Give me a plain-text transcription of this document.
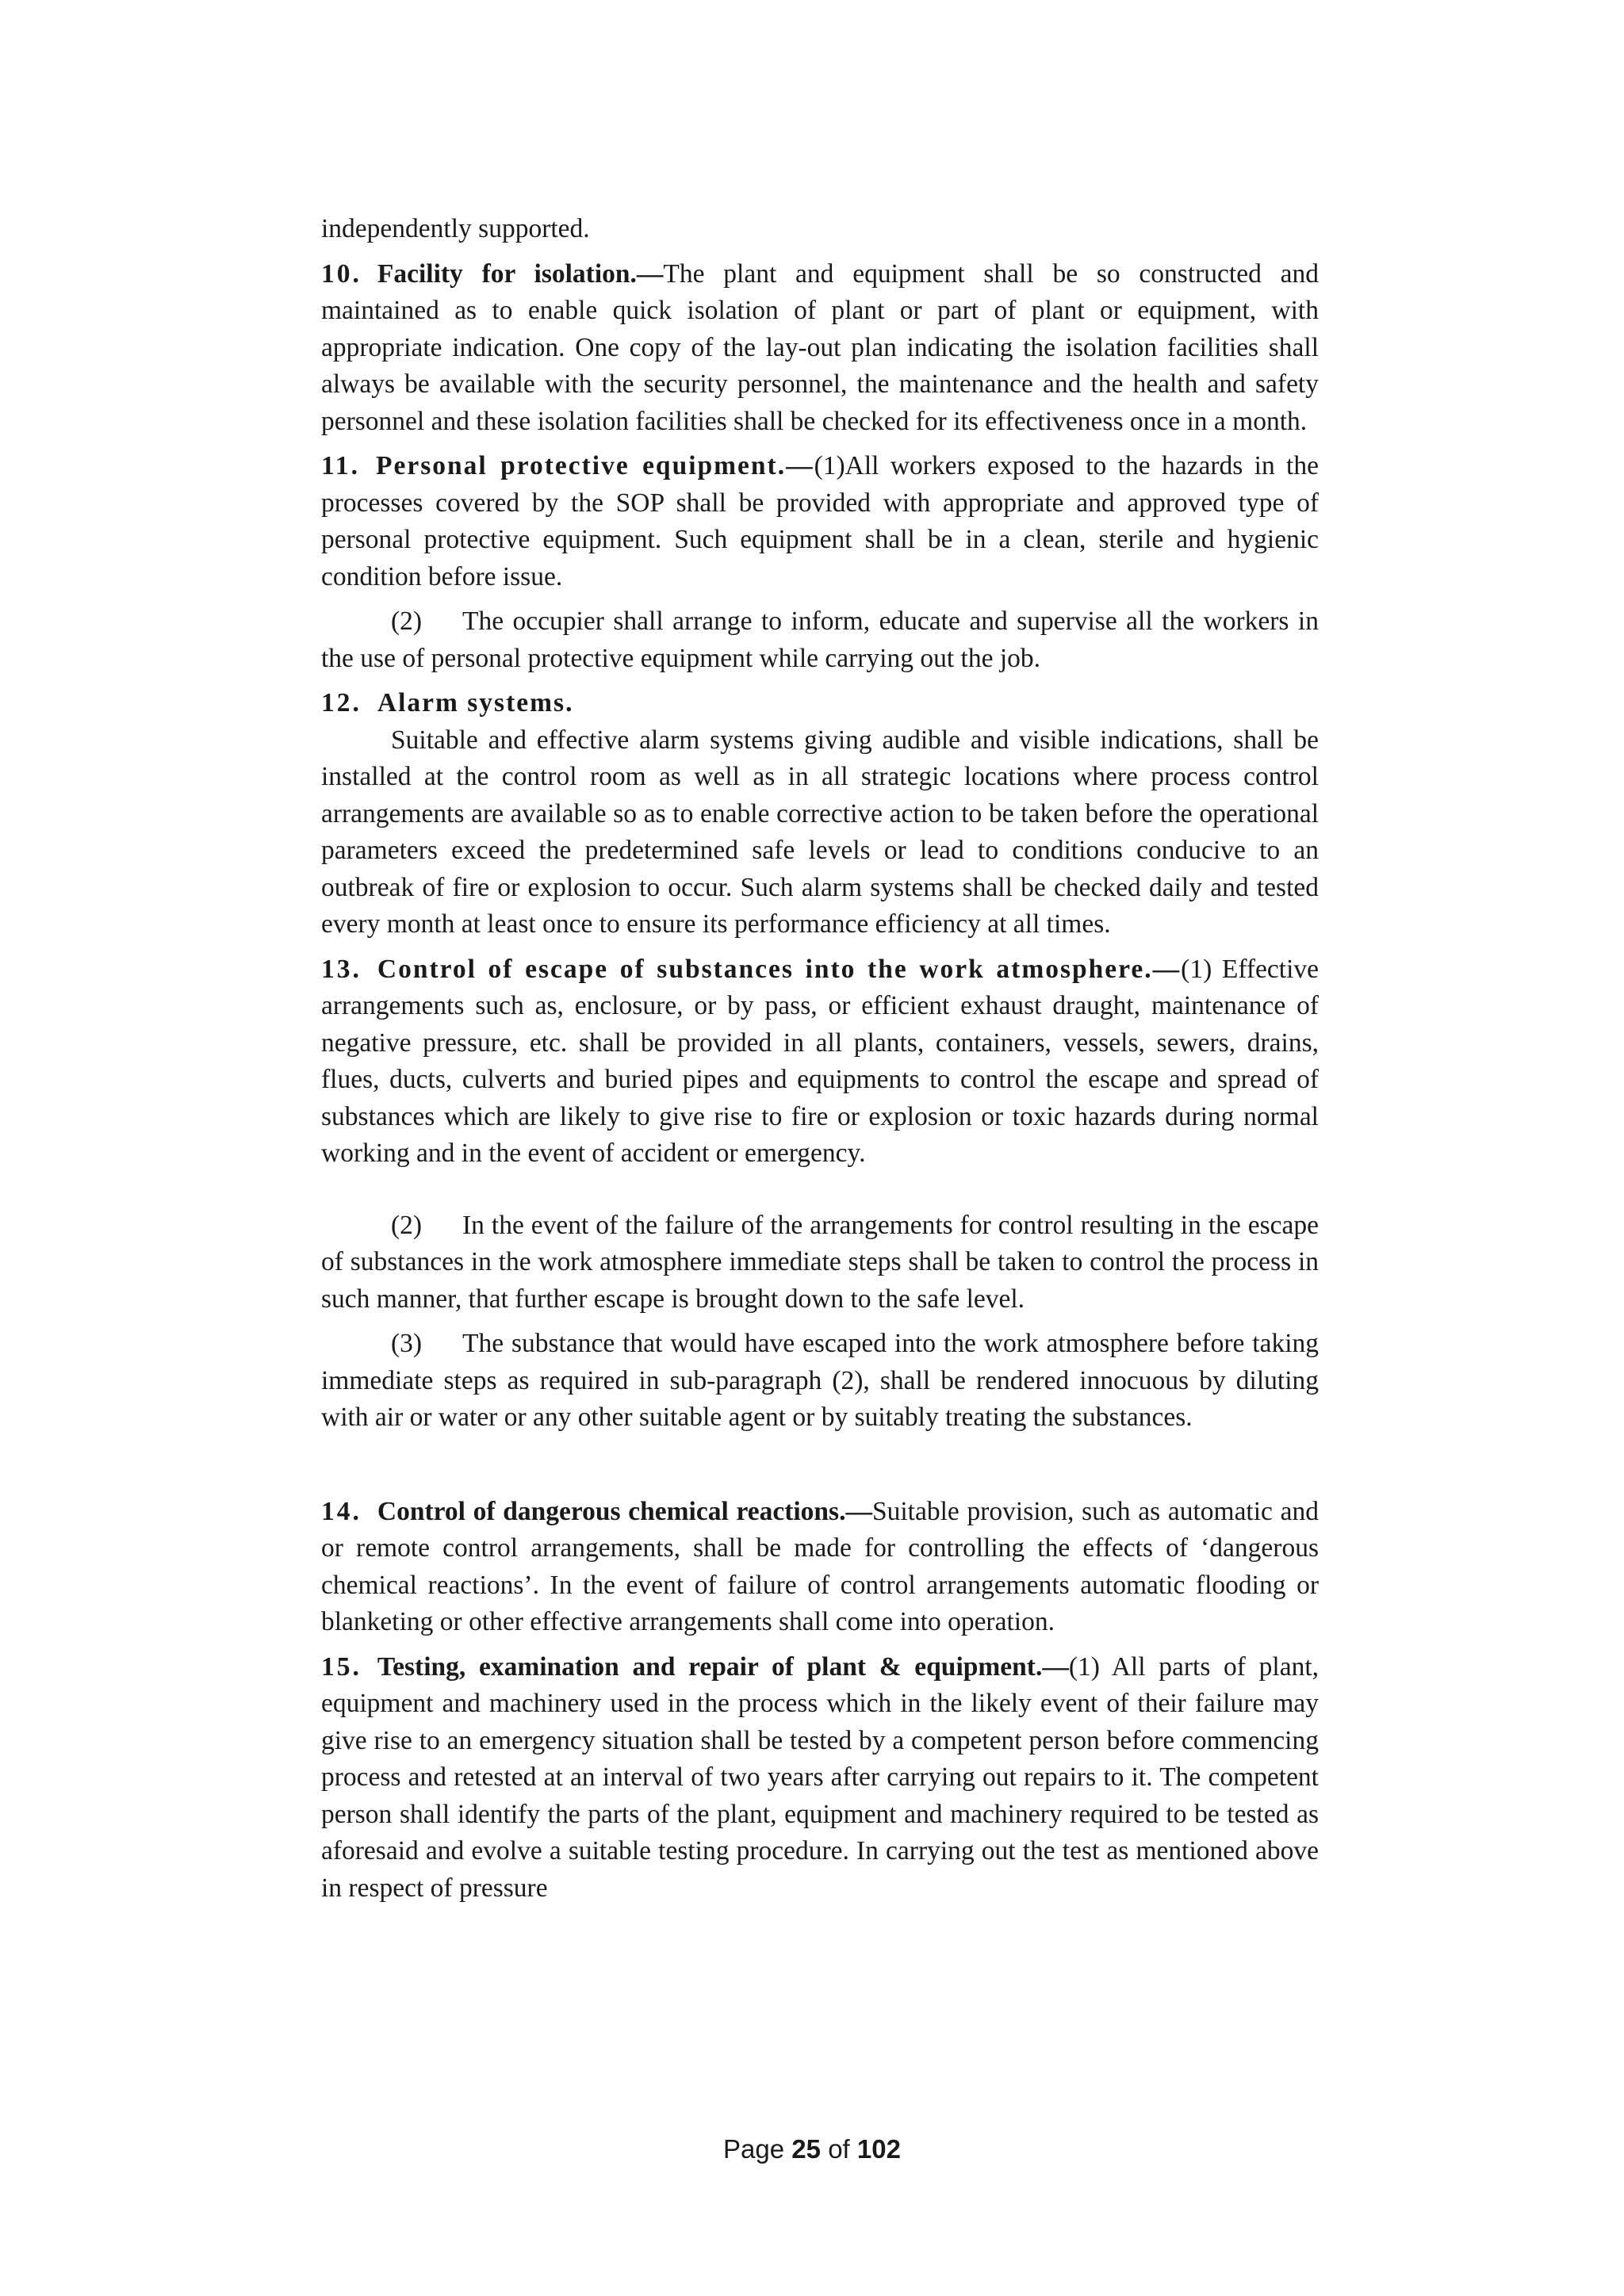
independently supported.

10. Facility for isolation.—The plant and equipment shall be so constructed and maintained as to enable quick isolation of plant or part of plant or equipment, with appropriate indication. One copy of the lay-out plan indicating the isolation facilities shall always be available with the security personnel, the maintenance and the health and safety personnel and these isolation facilities shall be checked for its effectiveness once in a month.

11. Personal protective equipment.—(1)All workers exposed to the hazards in the processes covered by the SOP shall be provided with appropriate and approved type of personal protective equipment. Such equipment shall be in a clean, sterile and hygienic condition before issue.

(2) The occupier shall arrange to inform, educate and supervise all the workers in the use of personal protective equipment while carrying out the job.

12. Alarm systems.

Suitable and effective alarm systems giving audible and visible indications, shall be installed at the control room as well as in all strategic locations where process control arrangements are available so as to enable corrective action to be taken before the operational parameters exceed the predetermined safe levels or lead to conditions conducive to an outbreak of fire or explosion to occur. Such alarm systems shall be checked daily and tested every month at least once to ensure its performance efficiency at all times.

13. Control of escape of substances into the work atmosphere.—(1) Effective arrangements such as, enclosure, or by pass, or efficient exhaust draught, maintenance of negative pressure, etc. shall be provided in all plants, containers, vessels, sewers, drains, flues, ducts, culverts and buried pipes and equipments to control the escape and spread of substances which are likely to give rise to fire or explosion or toxic hazards during normal working and in the event of accident or emergency.

(2) In the event of the failure of the arrangements for control resulting in the escape of substances in the work atmosphere immediate steps shall be taken to control the process in such manner, that further escape is brought down to the safe level.

(3) The substance that would have escaped into the work atmosphere before taking immediate steps as required in sub-paragraph (2), shall be rendered innocuous by diluting with air or water or any other suitable agent or by suitably treating the substances.

14. Control of dangerous chemical reactions.—Suitable provision, such as automatic and or remote control arrangements, shall be made for controlling the effects of ‘dangerous chemical reactions’. In the event of failure of control arrangements automatic flooding or blanketing or other effective arrangements shall come into operation.

15. Testing, examination and repair of plant & equipment.—(1) All parts of plant, equipment and machinery used in the process which in the likely event of their failure may give rise to an emergency situation shall be tested by a competent person before commencing process and retested at an interval of two years after carrying out repairs to it. The competent person shall identify the parts of the plant, equipment and machinery required to be tested as aforesaid and evolve a suitable testing procedure. In carrying out the test as mentioned above in respect of pressure

Page 25 of 102
